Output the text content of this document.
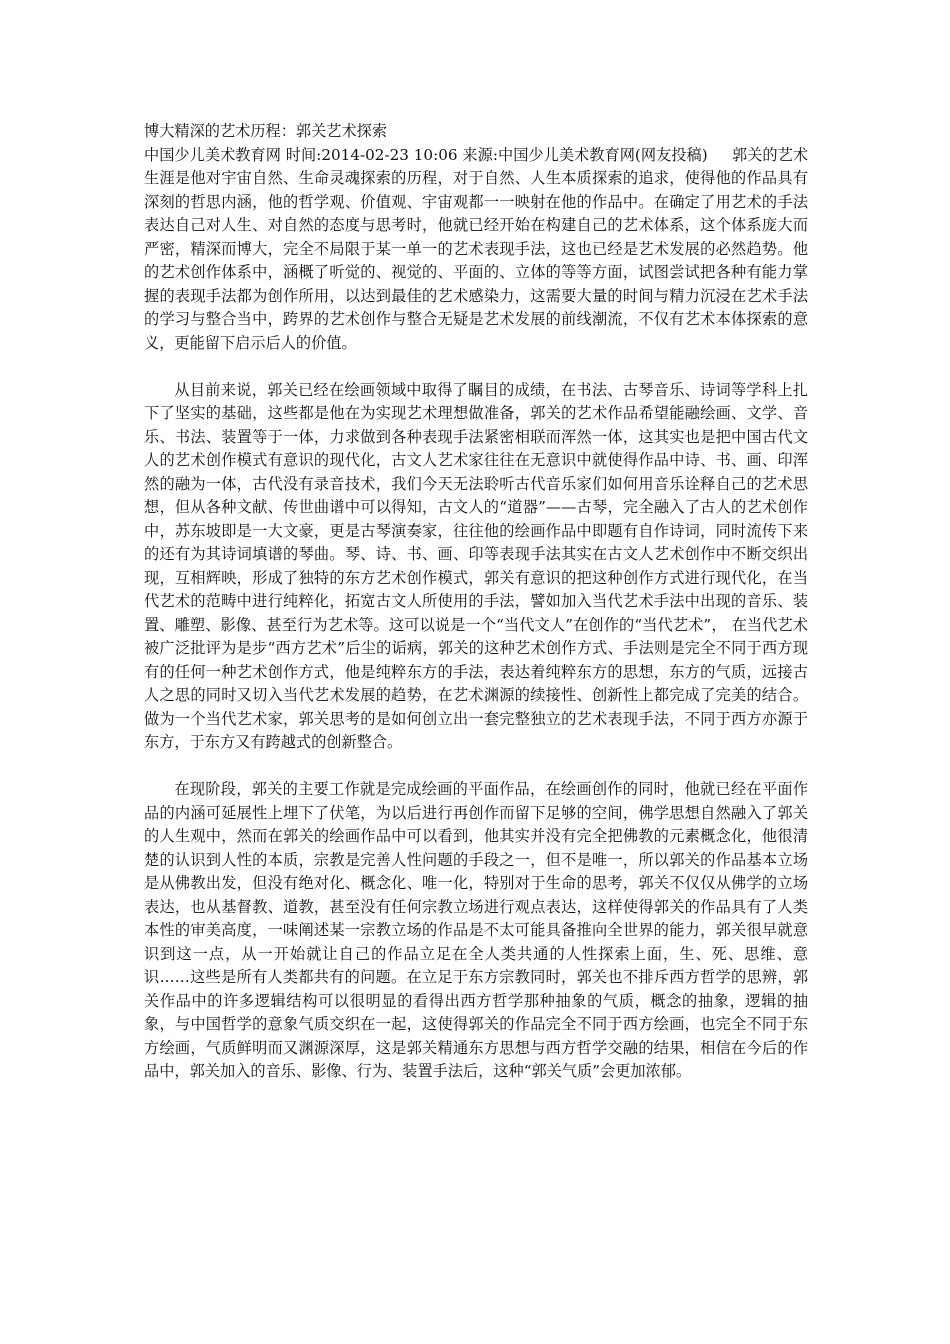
博大精深的艺术历程：郭关艺术探索

中国少儿美术教育网 时间:2014-02-23 10:06 来源:中国少儿美术教育网(网友投稿) 郭关的艺术生涯是他对宇宙自然、生命灵魂探索的历程，对于自然、人生本质探索的追求，使得他的作品具有深刻的哲思内涵，他的哲学观、价值观、宇宙观都一一映射在他的作品中。在确定了用艺术的手法表达自己对人生、对自然的态度与思考时，他就已经开始在构建自己的艺术体系，这个体系庞大而严密，精深而博大，完全不局限于某一单一的艺术表现手法，这也已经是艺术发展的必然趋势。他的艺术创作体系中，涵概了听觉的、视觉的、平面的、立体的等等方面，试图尝试把各种有能力掌握的表现手法都为创作所用，以达到最佳的艺术感染力，这需要大量的时间与精力沉浸在艺术手法的学习与整合当中，跨界的艺术创作与整合无疑是艺术发展的前线潮流，不仅有艺术本体探索的意义，更能留下启示后人的价值。

从目前来说，郭关已经在绘画领域中取得了瞩目的成绩，在书法、古琴音乐、诗词等学科上扎下了坚实的基础，这些都是他在为实现艺术理想做准备，郭关的艺术作品希望能融绘画、文学、音乐、书法、装置等于一体，力求做到各种表现手法紧密相联而浑然一体，这其实也是把中国古代文人的艺术创作模式有意识的现代化，古文人艺术家往往在无意识中就使得作品中诗、书、画、印浑然的融为一体，古代没有录音技术，我们今天无法聆听古代音乐家们如何用音乐诠释自己的艺术思想，但从各种文献、传世曲谱中可以得知，古文人的“道器”——古琴，完全融入了古人的艺术创作中，苏东坡即是一大文豪，更是古琴演奏家，往往他的绘画作品中即题有自作诗词，同时流传下来的还有为其诗词填谱的琴曲。琴、诗、书、画、印等表现手法其实在古文人艺术创作中不断交织出现，互相辉映，形成了独特的东方艺术创作模式，郭关有意识的把这种创作方式进行现代化，在当代艺术的范畴中进行纯粹化，拓宽古文人所使用的手法，譬如加入当代艺术手法中出现的音乐、装置、雕塑、影像、甚至行为艺术等。这可以说是一个“当代文人”在创作的“当代艺术”， 在当代艺术被广泛批评为是步“西方艺术”后尘的诟病，郭关的这种艺术创作方式、手法则是完全不同于西方现有的任何一种艺术创作方式，他是纯粹东方的手法，表达着纯粹东方的思想，东方的气质，远接古人之思的同时又切入当代艺术发展的趋势，在艺术渊源的续接性、创新性上都完成了完美的结合。做为一个当代艺术家，郭关思考的是如何创立出一套完整独立的艺术表现手法，不同于西方亦源于东方，于东方又有跨越式的创新整合。

在现阶段，郭关的主要工作就是完成绘画的平面作品，在绘画创作的同时，他就已经在平面作品的内涵可延展性上埋下了伏笔，为以后进行再创作而留下足够的空间，佛学思想自然融入了郭关的人生观中，然而在郭关的绘画作品中可以看到，他其实并没有完全把佛教的元素概念化，他很清楚的认识到人性的本质，宗教是完善人性问题的手段之一，但不是唯一，所以郭关的作品基本立场是从佛教出发，但没有绝对化、概念化、唯一化，特别对于生命的思考，郭关不仅仅从佛学的立场表达，也从基督教、道教，甚至没有任何宗教立场进行观点表达，这样使得郭关的作品具有了人类本性的审美高度，一味阐述某一宗教立场的作品是不太可能具备推向全世界的能力，郭关很早就意识到这一点，从一开始就让自己的作品立足在全人类共通的人性探索上面，生、死、思维、意识……这些是所有人类都共有的问题。在立足于东方宗教同时，郭关也不排斥西方哲学的思辨，郭关作品中的许多逻辑结构可以很明显的看得出西方哲学那种抽象的气质，概念的抽象，逻辑的抽象，与中国哲学的意象气质交织在一起，这使得郭关的作品完全不同于西方绘画，也完全不同于东方绘画，气质鲜明而又渊源深厚，这是郭关精通东方思想与西方哲学交融的结果，相信在今后的作品中，郭关加入的音乐、影像、行为、装置手法后，这种“郭关气质”会更加浓郁。
